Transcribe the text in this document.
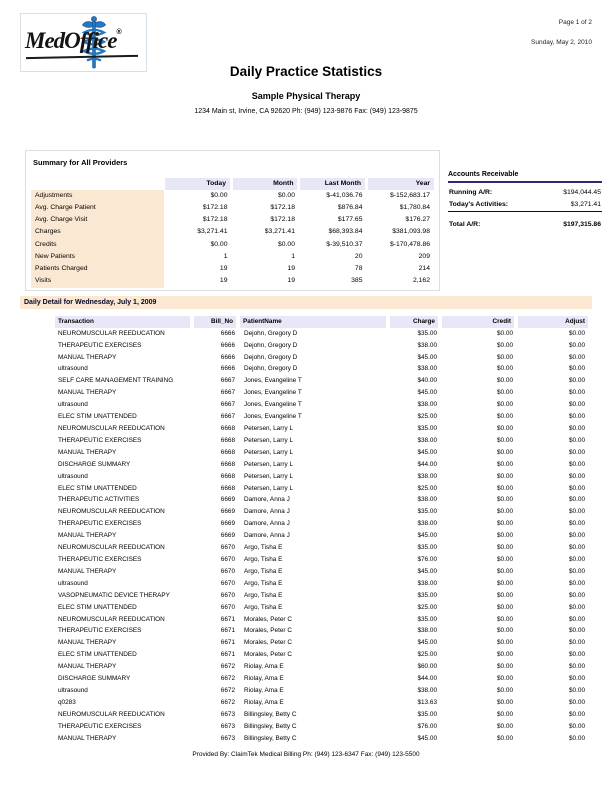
MedOffice®
Page 1 of 2
Sunday, May 2, 2010
Daily Practice Statistics
Sample Physical Therapy
1234 Main st, Irvine, CA 92620 Ph: (949) 123-9876 Fax: (949) 123-9875
Summary for All Providers
	Today	Month	Last Month	Year
Adjustments	$0.00	$0.00	$-41,036.76	$-152,683.17
Avg. Charge Patient	$172.18	$172.18	$876.84	$1,780.84
Avg. Charge Visit	$172.18	$172.18	$177.65	$176.27
Charges	$3,271.41	$3,271.41	$68,393.84	$381,093.98
Credits	$0.00	$0.00	$-39,510.37	$-170,478.86
New Patients	1	1	20	209
Patients Charged	19	19	78	214
Visits	19	19	385	2,162
Accounts Receivable
Running A/R:	$194,044.45
Today's Activities:	$3,271.41
Total A/R:	$197,315.86
Daily Detail for Wednesday, July 1, 2009
Transaction	Bill_No	PatientName	Charge	Credit	Adjust
NEUROMUSCULAR REEDUCATION	6666	Dejohn, Gregory D	$35.00	$0.00	$0.00
THERAPEUTIC EXERCISES	6666	Dejohn, Gregory D	$38.00	$0.00	$0.00
MANUAL THERAPY	6666	Dejohn, Gregory D	$45.00	$0.00	$0.00
ultrasound	6666	Dejohn, Gregory D	$38.00	$0.00	$0.00
SELF CARE MANAGEMENT TRAINING	6667	Jones, Evangeline T	$40.00	$0.00	$0.00
MANUAL THERAPY	6667	Jones, Evangeline T	$45.00	$0.00	$0.00
ultrasound	6667	Jones, Evangeline T	$38.00	$0.00	$0.00
ELEC STIM UNATTENDED	6667	Jones, Evangeline T	$25.00	$0.00	$0.00
NEUROMUSCULAR REEDUCATION	6668	Petersen, Larry L	$35.00	$0.00	$0.00
THERAPEUTIC EXERCISES	6668	Petersen, Larry L	$38.00	$0.00	$0.00
MANUAL THERAPY	6668	Petersen, Larry L	$45.00	$0.00	$0.00
DISCHARGE SUMMARY	6668	Petersen, Larry L	$44.00	$0.00	$0.00
ultrasound	6668	Petersen, Larry L	$38.00	$0.00	$0.00
ELEC STIM UNATTENDED	6668	Petersen, Larry L	$25.00	$0.00	$0.00
THERAPEUTIC ACTIVITIES	6669	Damore, Anna J	$38.00	$0.00	$0.00
NEUROMUSCULAR REEDUCATION	6669	Damore, Anna J	$35.00	$0.00	$0.00
THERAPEUTIC EXERCISES	6669	Damore, Anna J	$38.00	$0.00	$0.00
MANUAL THERAPY	6669	Damore, Anna J	$45.00	$0.00	$0.00
NEUROMUSCULAR REEDUCATION	6670	Argo, Tisha E	$35.00	$0.00	$0.00
THERAPEUTIC EXERCISES	6670	Argo, Tisha E	$76.00	$0.00	$0.00
MANUAL THERAPY	6670	Argo, Tisha E	$45.00	$0.00	$0.00
ultrasound	6670	Argo, Tisha E	$38.00	$0.00	$0.00
VASOPNEUMATIC DEVICE THERAPY	6670	Argo, Tisha E	$35.00	$0.00	$0.00
ELEC STIM UNATTENDED	6670	Argo, Tisha E	$25.00	$0.00	$0.00
NEUROMUSCULAR REEDUCATION	6671	Morales, Peter C	$35.00	$0.00	$0.00
THERAPEUTIC EXERCISES	6671	Morales, Peter C	$38.00	$0.00	$0.00
MANUAL THERAPY	6671	Morales, Peter C	$45.00	$0.00	$0.00
ELEC STIM UNATTENDED	6671	Morales, Peter C	$25.00	$0.00	$0.00
MANUAL THERAPY	6672	Riolay, Ama E	$60.00	$0.00	$0.00
DISCHARGE SUMMARY	6672	Riolay, Ama E	$44.00	$0.00	$0.00
ultrasound	6672	Riolay, Ama E	$38.00	$0.00	$0.00
q0283	6672	Riolay, Ama E	$13.63	$0.00	$0.00
NEUROMUSCULAR REEDUCATION	6673	Billingsley, Betty C	$35.00	$0.00	$0.00
THERAPEUTIC EXERCISES	6673	Billingsley, Betty C	$76.00	$0.00	$0.00
MANUAL THERAPY	6673	Billingsley, Betty C	$45.00	$0.00	$0.00
Provided By: ClaimTek Medical Billing Ph: (949) 123-6347 Fax: (949) 123-5500
